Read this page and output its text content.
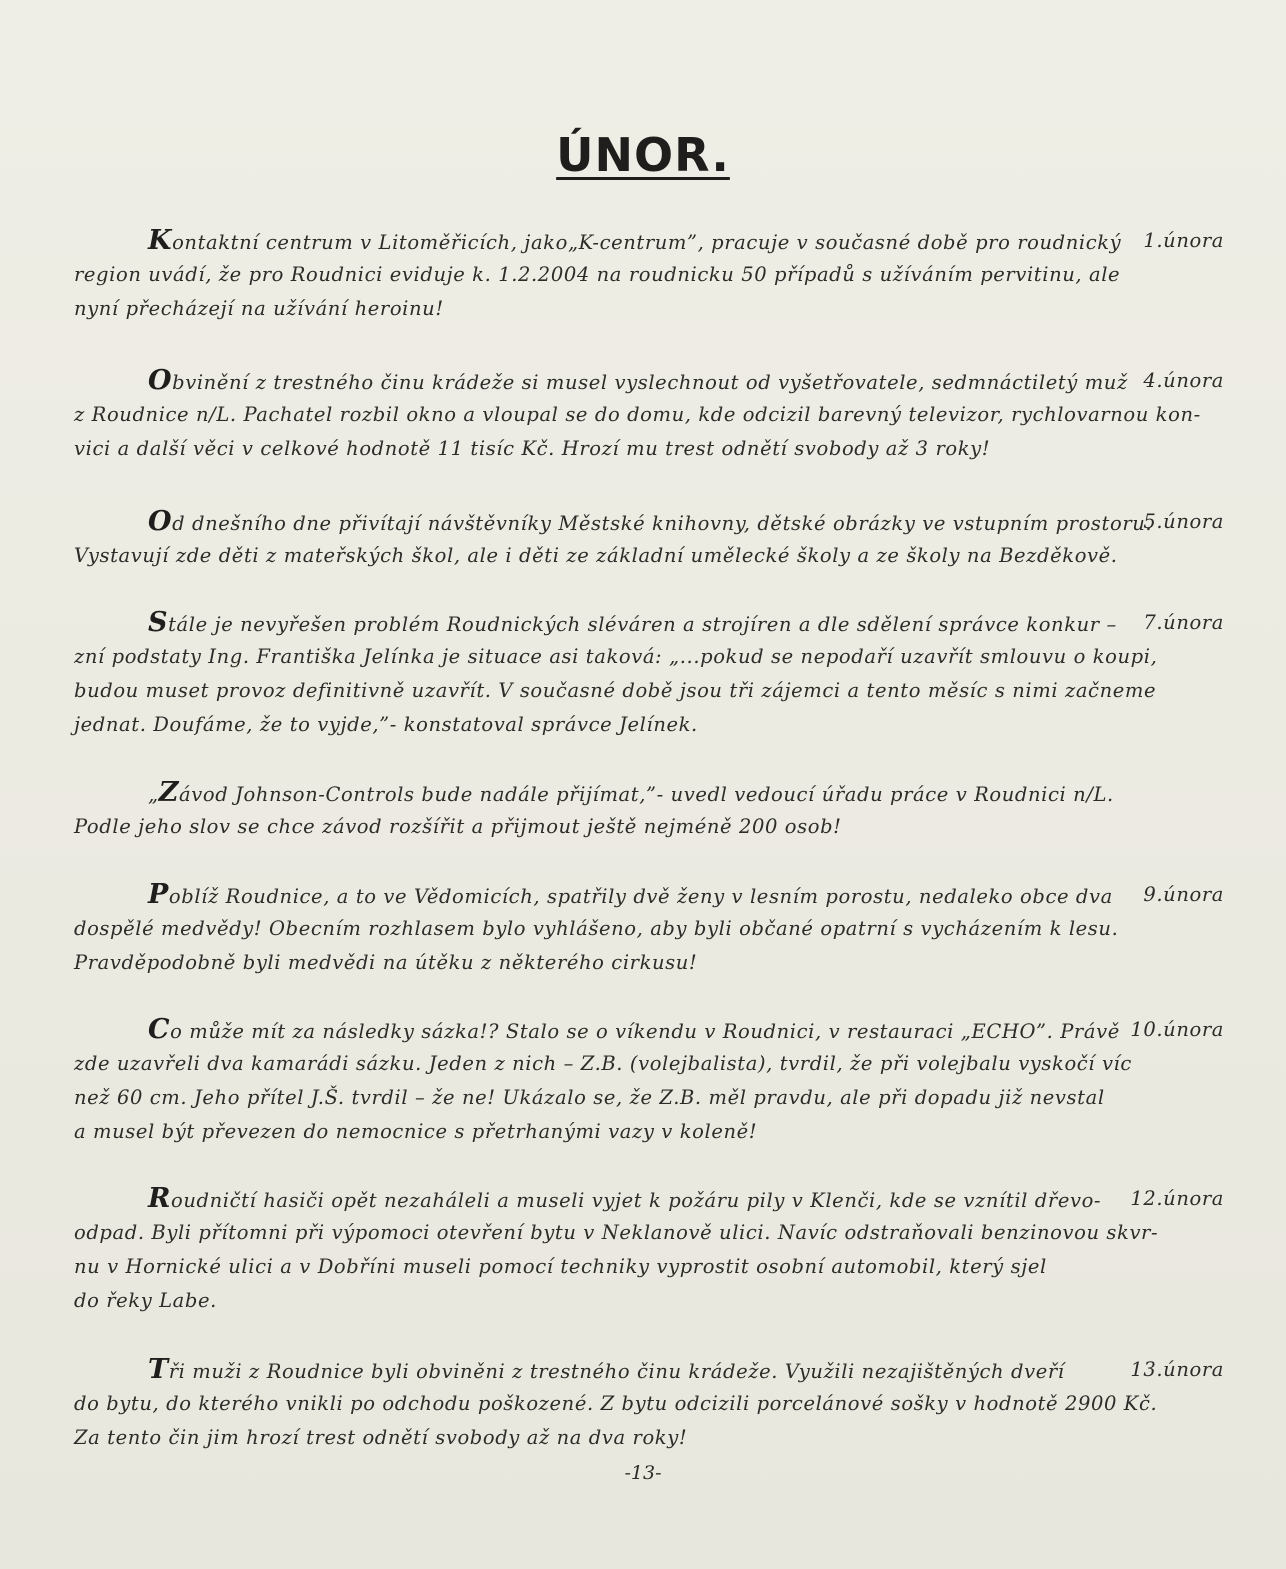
ÚNOR.
Kontaktní centrum v Litoměřicích, jako„K-centrum”, pracuje v současné době pro roudnický 1.února
region uvádí, že pro Roudnici eviduje k. 1.2.2004 na roudnicku 50 případů s užíváním pervitinu, ale
nyní přecházejí na užívání heroinu!
Obvinění z trestného činu krádeže si musel vyslechnout od vyšetřovatele, sedmnáctiletý muž 4.února
z Roudnice n/L. Pachatel rozbil okno a vloupal se do domu, kde odcizil barevný televizor, rychlovarnou kon-
vici a další věci v celkové hodnotě 11 tisíc Kč. Hrozí mu trest odnětí svobody až 3 roky!
Od dnešního dne přivítají návštěvníky Městské knihovny, dětské obrázky ve vstupním prostoru.
5.února
Vystavují zde děti z mateřských škol, ale i děti ze základní umělecké školy a ze školy na Bezděkově.
Stále je nevyřešen problém Roudnických sléváren a strojíren a dle sdělení správce konkur – 7.února
zní podstaty Ing. Františka Jelínka je situace asi taková: „...pokud se nepodaří uzavřít smlouvu o koupi,
budou muset provoz definitivně uzavřít. V současné době jsou tři zájemci a tento měsíc s nimi začneme
jednat. Doufáme, že to vyjde,”- konstatoval správce Jelínek.
„Závod Johnson-Controls bude nadále přijímat,”- uvedl vedoucí úřadu práce v Roudnici n/L.
Podle jeho slov se chce závod rozšířit a přijmout ještě nejméně 200 osob!
Poblíž Roudnice, a to ve Vědomicích, spatřily dvě ženy v lesním porostu, nedaleko obce dva 9.února
dospělé medvědy! Obecním rozhlasem bylo vyhlášeno, aby byli občané opatrní s vycházením k lesu.
Pravděpodobně byli medvědi na útěku z některého cirkusu!
Co může mít za následky sázka!? Stalo se o víkendu v Roudnici, v restauraci „ECHO”. Právě 10.února
zde uzavřeli dva kamarádi sázku. Jeden z nich – Z.B. (volejbalista), tvrdil, že při volejbalu vyskočí víc
než 60 cm. Jeho přítel J.Š. tvrdil – že ne! Ukázalo se, že Z.B. měl pravdu, ale při dopadu již nevstal
a musel být převezen do nemocnice s přetrhanými vazy v koleně!
Roudničtí hasiči opět nezaháleli a museli vyjet k požáru pily v Klenči, kde se vznítil dřevo- 12.února
odpad. Byli přítomni při výpomoci otevření bytu v Neklanově ulici. Navíc odstraňovali benzinovou skvr-
nu v Hornické ulici a v Dobříni museli pomocí techniky vyprostit osobní automobil, který sjel
do řeky Labe.
Tři muži z Roudnice byli obviněni z trestného činu krádeže. Využili nezajištěných dveří	13.února
do bytu, do kterého vnikli po odchodu poškozené. Z bytu odcizili porcelánové sošky v hodnotě 2900 Kč.
Za tento čin jim hrozí trest odnětí svobody až na dva roky!
-13-
